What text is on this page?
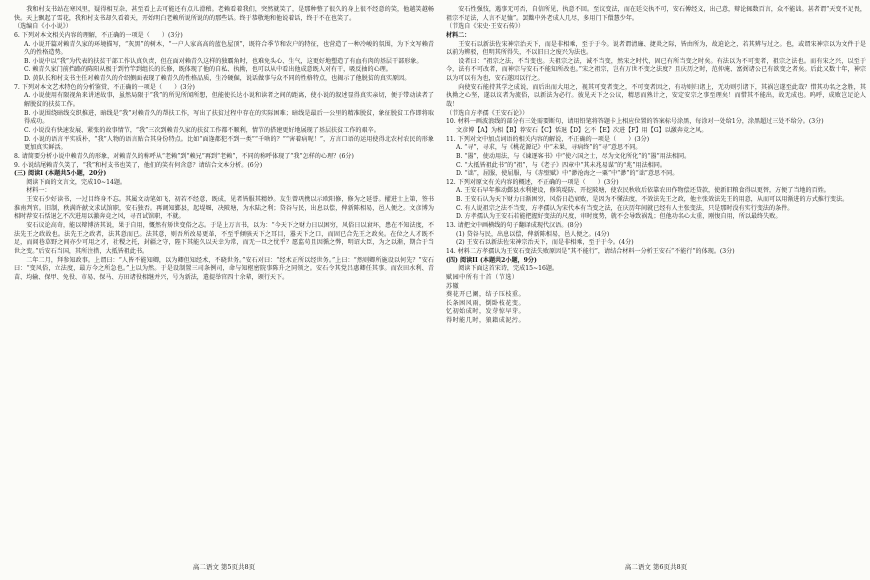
我和村支书站在寒风里，疑得相互杂，甚至看上去可能还有点儿滑稽。老赖看着我们，突然就笑了，是那种整了很久的身上很不经意的笑，他越笑越畅快。天上飘起了雪花，我和村支书却久看着天，开始明白老赖所说所说的的那些话。终于恭敬地和他说着话，终于不在也笑了。

（选编自《小小说》）

6. 下列对本文相关内容的理解，不正确的一项是（　　）(3分)

A. 小说开篇对赖青久家的环境描写，“灰黑”的树木，“一户人家高高的蓝色屋顶”，既符合季节和农户的特征，也营造了一种冷峻的氛围，为下文写赖青久的性格造势。

B. 小说中以“我”为代表的扶贫干部工作认真负责，但在面对赖青久这样的独霸角时，也难免头心、生气，这更好地塑造了有血有肉的基层干部形象。

C. 赖青久家门前挡路的陈阳从极于到竹竿到组长的长修，既体现了他的自私、执拗，也可以从中看出他成意既人对有干，吸反抽的心理。

D. 黄队长和村支书主任对赖青久的介绍侧面表现了赖青久的性格品质，生冷硬倔，说话做事与众不同的性格特点，也揭示了他脱贫的真实原因。

7. 下列对本文艺术特色的分析鉴赏，不正确的一项是（　　）(3分)

A. 小说使用有限视角来讲述故事，虽然局限于“我”的所见所闻所想，但能使长达小说和读者之间的距离，使小说的叙述显得真实亲切，便于带动读者了解脱贫的扶贫工作。

B. 小说围绕暗线交织推进，暗线是“我”对赖青久的帮扶工作，写出了扶贫过程中存在的实际困难；暗线是最后一公里的精准脱贫，象征脱贫工作即将取得成功。

C. 小说没有快速发展、紧张的故事情节，“我”三次到赖青久家的扶贫工作都不顺利，情节的搭建更好地展现了基层扶贫工作的艰辛。

D. 小说的语言平实质朴，“我”人物的语言贴合其身份特点。比如“面逢都犯不到一类”“千啥的？”“害着病呢！”，方言口语的运用使得北农村农民的形象更加真实鲜活。

8. 请简要分析小说中赖青久的形象，对赖青久的称呼从“老赖”到“赖兄”再到“老赖”，不同的称呼体现了“我”怎样的心理？(6分)

9. 小说结尾赖青久笑了，“我”和村支书也笑了，他们的笑有何含意？请结合文本分析。(6分)

(三) 阅读I (本题共5小题，20分)

阅读下面的文言文，完成10~14题。

材料一：

王安石少好读书，一过目终身不忘。其属文动笔如飞，初若不经意，既成，见者皆服其精妙。友生曾巩携以示欧阳修，修为之延誉。擢进士上第，签书淮南判官。旧制，秩满许献文求试馆职，安石独否。再调知鄞县，起堤堰，决陂塘，为水陆之利；贷谷与民，出息以偿，俾新陈相易，邑人便之。文彦博为相时荐安石恬退乞不次进用以激奔竞之风，寻召试馆职，不就。

安石议论高奇，能以辩博济其说，果于自用，慨然有矫世变俗之志。于是上万言书，以为：“今天下之财力日以困穷，风俗日以衰坏，患在不知法度，不法先王之政故也。法先王之政者，法其意而已。法其意，则吾所改易更革，不至乎倾骇天下之耳目，嚣天下之口，而固已合先王之政矣。在位之人才既不足，而闾巷草野之间亦少可用之才，社稷之托，封疆之守，陛下其能久以天幸为常，而无一旦之忧乎？愿监苟且因循之弊，明诏大臣，为之以渐，期合于当世之变。”后安石当国，其所注措，大抵皆祖此书。

二年二月，拜参知政事。上谓曰：“人皆不能知卿，以为卿但知经术，不晓世务。”安石对曰：“经术正所以经世务。”上曰：“然则卿所施设以何先？”安石曰：“变风俗，立法度，最方今之所急也。”上以为然。于是设制置三司条例司，命与知枢密院事陈升之同领之。安石令其党吕惠卿任其事。而农田水利、青苗、均输、保甲、免役、市易、保马、方田诸役相继并兴，号为新法，遣提举官四十余辈，颁行天下。

高二语文 第5页共8页

安石性强忮，遇事无可否，自信所见，执意不回。至议变法，而在廷交执不可，安石傅经义，出己意，辩论辄数百言，众不能诎。甚者谓“天变不足畏，祖宗不足法，人言不足恤”。罢黜中外老成人几尽，多用门下儇慧少年。

（节选自《宋史·王安石传》）

材料二：

王安石以新法佐宋神宗治天下，而是非相乘，至于于今。说者谓清廉、捷炎之际，皆由所为，故迫论之，若其辨与过之。也，或谓宋神宗以为文件于是以前为辨驳，但明其所得失，不以旧日之废兴为法也。

设者曰：“祖宗之法，不当变也。夫祖宗之法，诚不当变，然宋之时代，固已有所当变之时矣。有法以为不可变者，祖宗之法也。而有宋之兴，以至于今，法有不可改者，而神宗与安石不能知所改也。”宋之祖宗，岂有万世不变之法度？且庆历之时，范仲淹、富弼诸公已有欲变之者矣。后此又数十年，神宗以为可以有为也，安石遂因以行之。

向使安石能持其学之成说，而后出而大用之，视其可变者变之，不可变者因之，有功则归诸上，无功则引诸下，其祸岂遂至此哉？惜其功名之念胜，其执拗之心坚，遂以议者为流俗，以新法为必行。彼见天下之公议，精思而熟计之，安定安宗之事至理矣！而惜其不能出，故无成也。呜呼，成败岂足论人哉！

（节选自方孝孺《王安石论》）

10. 材料一画波浪线的部分有三处需要断句，请用铅笔将答题卡上相应位置的答案标号涂黑，每涂对一处给1分，涂黑超过三处不给分。(3分)

文彦博【A】为相【B】荐安石【C】恬退【D】乞不【E】次进【F】用【G】以激奔竞之风。

11. 下列对文中加点词语的相关内容的解说，不正确的一项是（　　）(3分)

A. “寻”，寻求，与《桃花源记》中“未果，寻病终”的“寻”意思不同。

B. “嚣”，使动用法，与《谏逐客书》中“使六国之士，尽为文化所化”的“嚣”用法相同。

C. “大抵皆祖此书”的“祖”，与《老子》四章中“其未兆易谋”的“兆”用法相同。

D. “诎”，屈服，使屈服，与《赤壁赋》中“渺沧海之一粟”中“渺”的“诎”意思不同。

12. 下列对原文有关内容的概述，不正确的一项是（　　）(3分)

A. 王安石早年推动鄞县水利建设，修筑堤防、开挖陂塘，使农民秋收后依靠农田作物偿还贷款，使新旧粮食得以更替，方便了当地的百姓。

B. 王安石认为天下财力日渐困穷，风俗日趋衰败，是因为不懂法度，不效法先王之政，他主张效法先王的用意，从而可以用渐进的方式推行变法。

C. 有人说祖宗之法不当变，方孝孺认为宋代本有当变之法，在庆历年间就已经有人主张变法，只是那时没有实行变法的条件。

D. 方孝孺认为王安石若能把握好变法的尺度，审时度势，就不会导致祸乱；但他功名心太重，刚愎自用，所以最终失败。

13. 请把文中画横线的句子翻译成现代汉语。(8分)

(1) 贷谷与民，出息以偿，俾新陈相易，邑人便之。(4分)

(2) 王安石以新法佐宋神宗治天下，而是非相乘，至于于今。(4分)

14. 材料二方孝孺认为王安石变法失败原因是“其不能行”，请结合材料一分析王安石“不能行”的体现。(3分)

(四) 阅读II (本题共2小题，9分)

阅读下面这首宋诗，完成15~16题。

赋园中所有十首（节选）

苏辙

葵花开已阑，结子压枝重。

长条困风雨，倒卧枝花变。

忆初始成时，发芽惊早芽。

得时能几时，狼籍成泥污。

高二语文 第6页共8页
